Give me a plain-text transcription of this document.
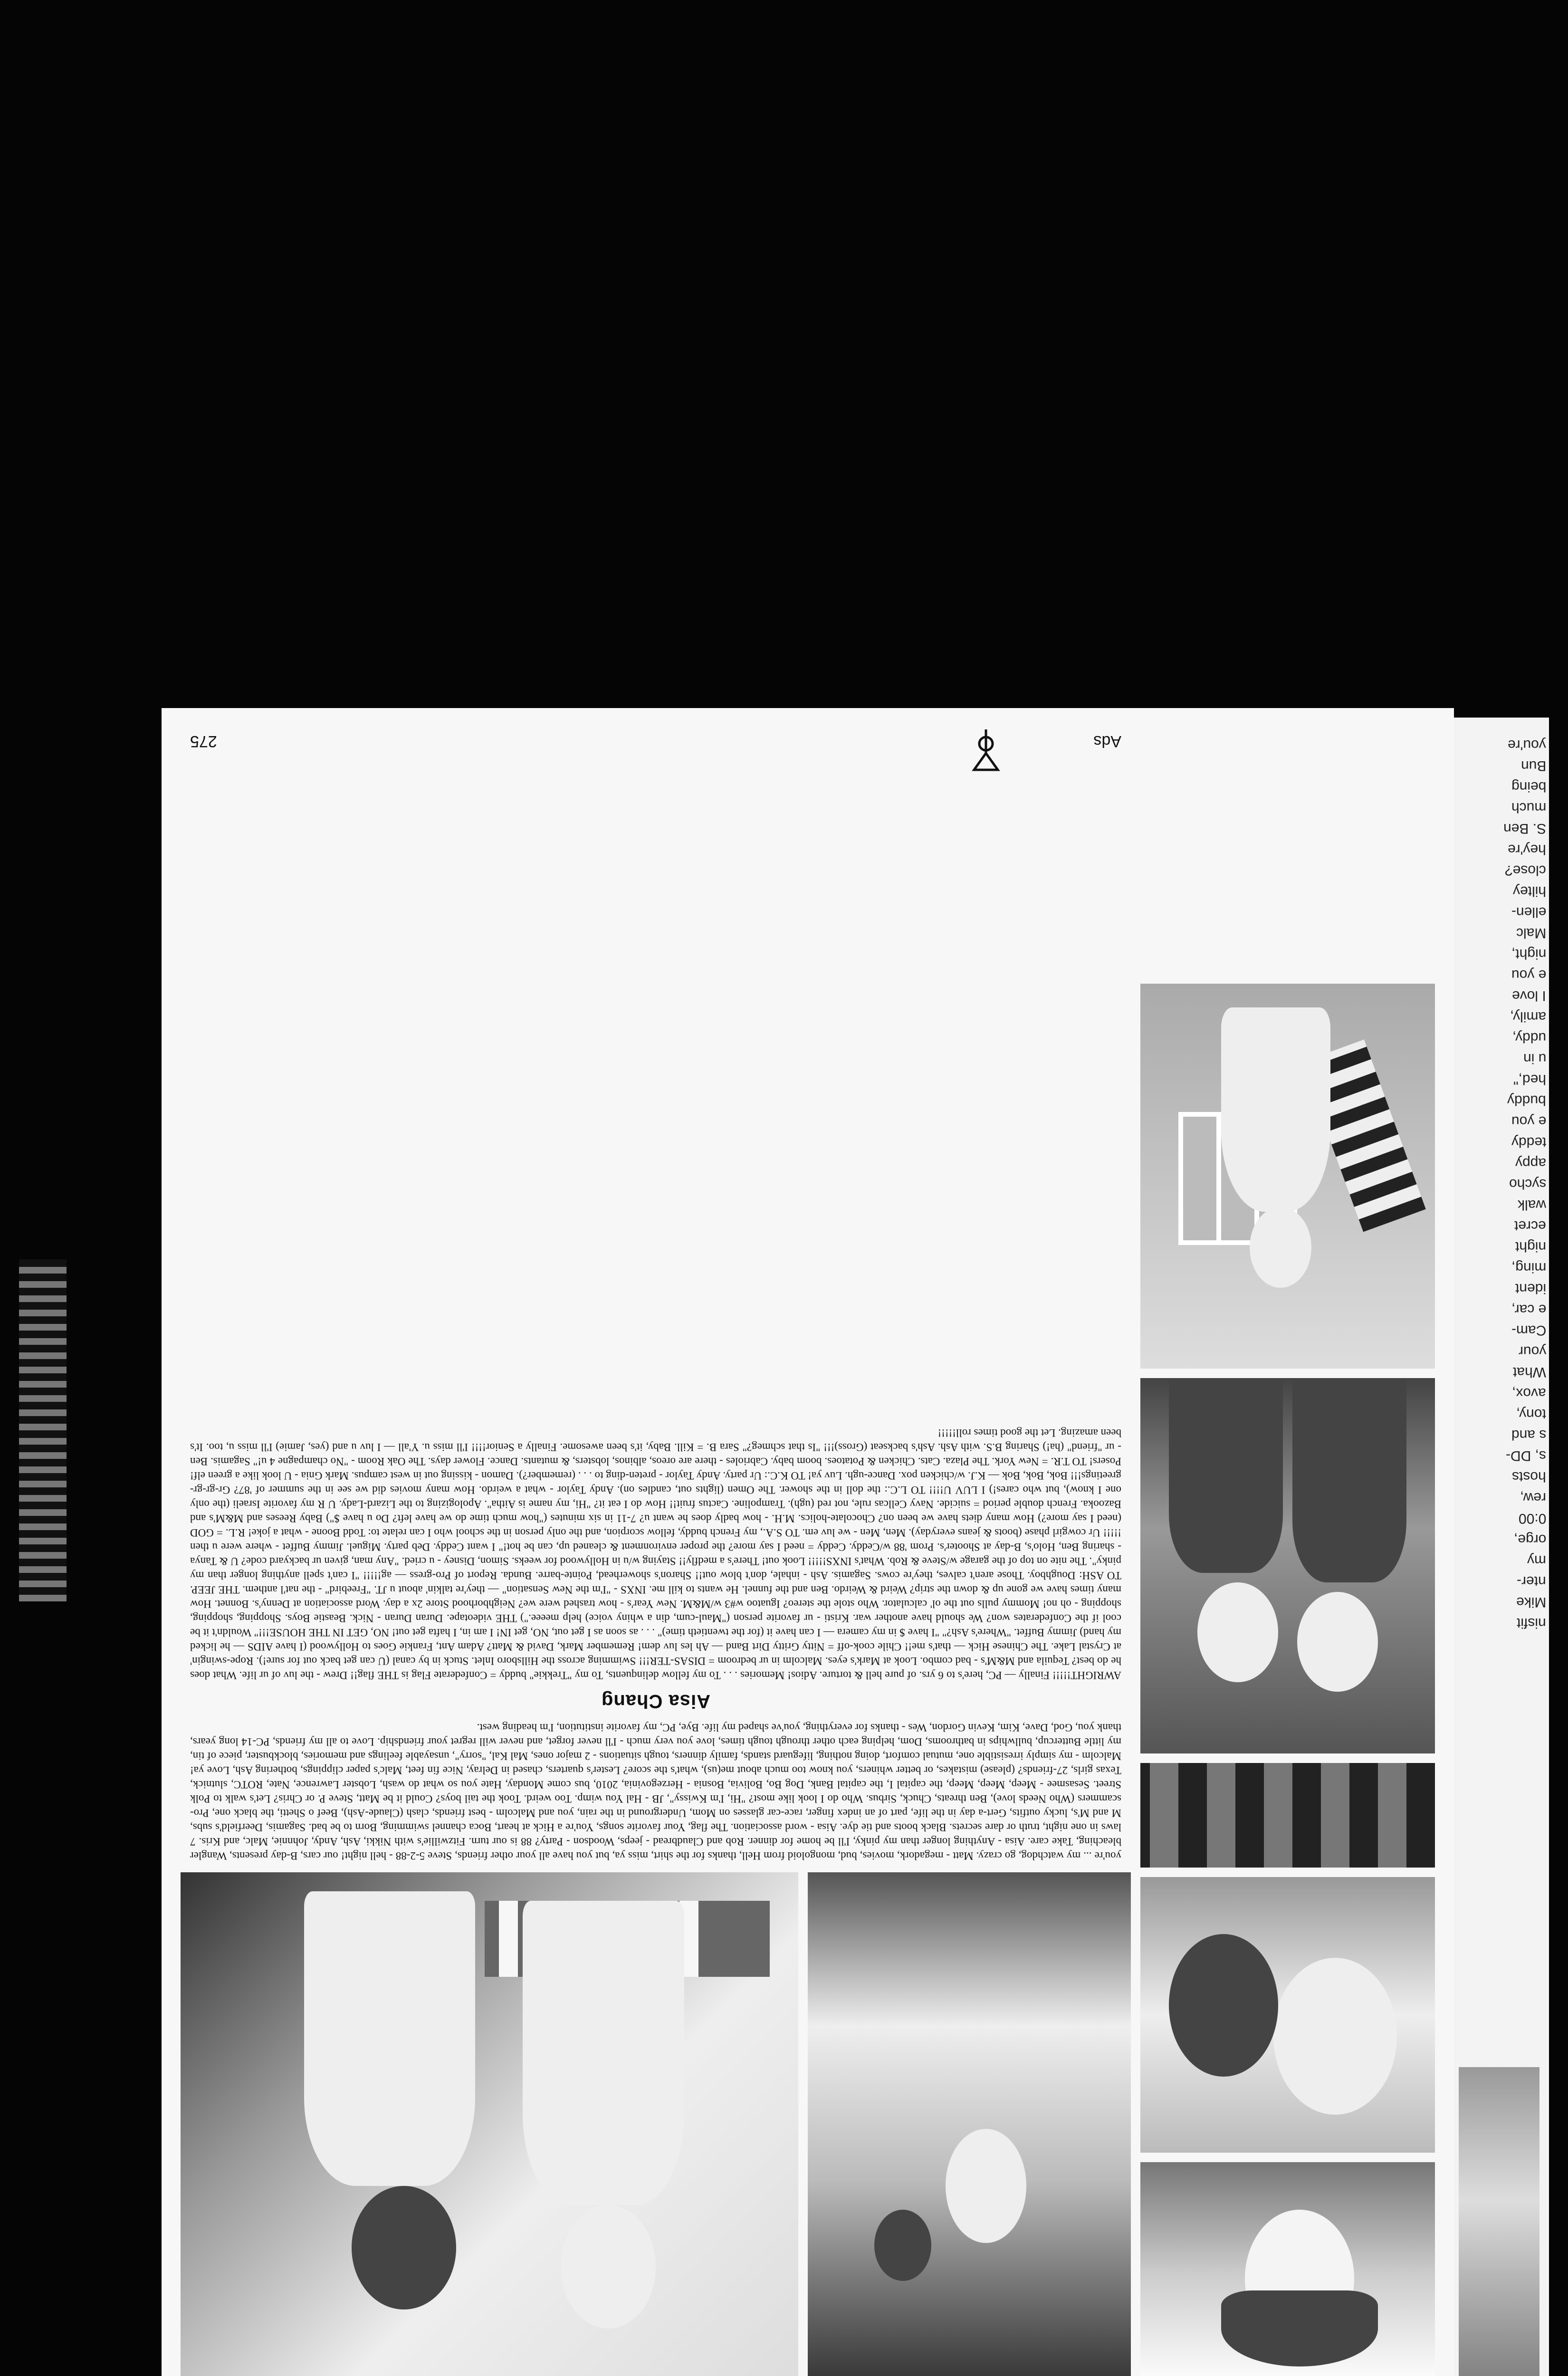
you're
Bun
being
much
S. Ben
hey're
close?
hiltey
ellen-
Malc
night,
e you
I love
amily,
uddy,
u in
hed,"
buddy
e you
teddy
appy
sycho
walk
ecret
night
ming,
ident
e car,
Cam-
your
What
avox,
tony,
s and
s, DD-
hosts
rew,
0:00
orge,
my
nter-
Mike
nisfit

you're ... my watchdog, go crazy. Matt - megadork, movies, bud, mongoloid from Hell, thanks for the shirt, miss ya, but you have all your other friends, Steve 5-2-88 - hell night! our cars, B-day presents, Wangler bleaching, Take care. Aisa - Anything longer than my pinky, I'll be home for dinner. Rob and Claudbread - jeeps, Woodson - Party? 88 is our turn. Fitzwillie's with Nikki, Ash, Andy, Johnnie, Malc, and Kris. 7 laws in one night, truth or dare secrets. Black boots and tie dye. Aisa - word association. The flag, Your favorite songs, You're a Hick at heart, Boca channel swimming, Born to be bad. Sagamis, Deerfield's subs, M and M's, lucky outfits, Gert-a day in the life, part of an index finger, race-car glasses on Mom, Underground in the rain, you and Malcolm - best friends, clash (Claude-Ash), Beef o Shetti, the black one, Pro-scammers (Who Needs love), Ben threats, Chuck, Sirbus. Who do I look like most? "Hi, I'm Kwissy", JB - Hal You wimp. Too weird. Took the tail boys? Could it be Matt, Steve P. or Chris? Let's walk to Polk Street. Sesasmee - Meep, Meep, Meep, the capital I, the capital Bank, Dog Bo, Bolivia, Bosnia - Herzegovinia, 2010, bus come Monday, Hate you so what do wash, Lobster Lawrence, Nate, ROTC, slutnick, Texas girls, 27-friends? (please) mistakes, or better whiners, you know too much about me(us), what's the score? Lester's quarters, chased in Delray, Nice fin feet, Malc's paper clippings, bothering Ash, Love ya! Malcolm - my simply irresistible one, mutual comfort, doing nothing, lifeguard stands, family dinners, tough situations - 2 major ones, Mal Kal, "sorry", unsayable feelings and memories, blockbuster, piece of tin, my little Buttercup, bullwhips in bathrooms, Dom, helping each other through tough times, love you very much - I'll never forget, and never will regret your friendship. Love to all my friends, PC-14 long years, thank you, God, Dave, Kim, Kevin Gordon, Wes - thanks for everything, you've shaped my life. Bye, PC, my favorite institution, I'm heading west.

Aisa Chang

AWRIGHT!!!!! Finally — PC, here's to 6 yrs. of pure hell & torture. Adios! Memories . . . To my fellow delinquents, To my "Trekkie" buddy = Confederate Flag is THE flag!! Drew - the luv of ur life. What does he do best? Tequila and M&M's - bad combo. Look at Mark's eyes. Malcolm in ur bedroom = DISAS-TER!!! Swimming across the Hillsboro Inlet. Stuck in by canal (U can get back out for sure!). Rope-swingin' at Crystal Lake. The Chinese Hick — that's me!! Chile cook-off = Nitty Gritty Dirt Band — Ah les luv dem! Remember Mark, David & Matt? Adam Ant, Frankie Goes to Hollywood (I have AIDS — he licked my hand) Jimmy Buffet. "Where's Ash?" "I have $ in my camera — I can have it (for the twentieth time)" . . . as soon as I get out, NO, get IN! I am in, I hafta get out! NO, GET IN THE HOUSE!!!" Wouldn't it be cool if the Confederates won? We should have another war. Kristi - ur favorite person ("Maul-cum, din a whiny voice) help meeee.") THE videotape. Duran Duran - Nick. Beastie Boys. Shopping, shopping, shopping - oh no! Mommy pulls out the ol' calculator. Who stole the stereo? Iguatoo w#3 w/M&M. New Year's - how trashed were we? Neighborhood Store 2x a day. Word association at Denny's. Bonnet. How many times have we gone up & down the strip? Weird & Weirdo. Ben and the funnel. He wants to kill me. INXS - "I'm the New Sensation" — they're talkin' about u JT. "Freebird" - the nat'l anthem. THE JEEP. TO ASH: Doughboy. Those aren't calves, they're cows. Sagamis. Ash - inhale, don't blow out!! Sharon's showerhead, Pointe-barre. Bunda. Report of Pro-gress — ag!!!!! "I can't spell anything longer than my pinky". The nite on top of the garage w/Steve & Rob. What's INXS!!!!! Look out! There's a medfly!! Staying w/u in Hollywood for weeks. Simon, Disney - u cried. "Any man, given ur backyard code? U & Tanya - sharing Ben, Holo's, B-day at Shooter's. Prom '88 w/Ceddy. Ceddy = need I say more? the proper environment & cleaned up, can be hot!" I want Ceddy. Deb party. Miguel. Jimmy Buffet - where were u then !!!!! Ur cowgirl phase (boots & jeans everyday). Men, Men - we luv em. TO S.A., my French buddy, fellow scorpion, and the only person in the school who I can relate to: Todd Boone - what a joke! R.L. = GOD (need I say more?) How many diets have we been on? Chocolate-holics. M.H. - how badly does he want u? 7-11 in six minutes ("how much time do we have left? Do u have $") Baby Reeses and M&M's and Bazooka. French double period = suicide. Navy Cellcas rule, not red (ugh). Trampoline. Cactus fruit!! How do I eat it? "Hi, my name is Aitha". Apologizing to the Lizard-Lady. U R my favorite Israeli (the only one I know), but who cares!) I LUV U!!!! TO L.C.: the doll in the shower. The Omen (lights out, candles on). Andy Taylor - what a weirdo. How many movies did we see in the summer of '87? Gr-gr-gr-greetings!!! Bok, Bok, Bok — K.J. w/chicken pox. Dance-ugh. Luv ya! TO K.C.: Ur party. Andy Taylor - preten-ding to . . . (remember?). Damon - kissing out in west campus. Mark Gnia - U look like a green elf! Posers! TO T.R. = New York. The Plaza. Cats. Chicken & Potatoes. boom baby. Cabrioles - there are oreos, albinos, lobsters, & mutants. Dance. Flower days. The Oak Room - "No champagne 4 u!" Sagamis. Ben - ur "friend" (ha!) Sharing B.S. with Ash. Ash's backseat (Gross)!!! "Is that schmeg?" Sara B. = Kill. Baby, it's been awesome. Finally a Senior!!!! I'll miss u. Y'all — I luv u and (yes, Jamie) I'll miss u, too. It's been amazing. Let the good times roll!!!!!

Ads
275
